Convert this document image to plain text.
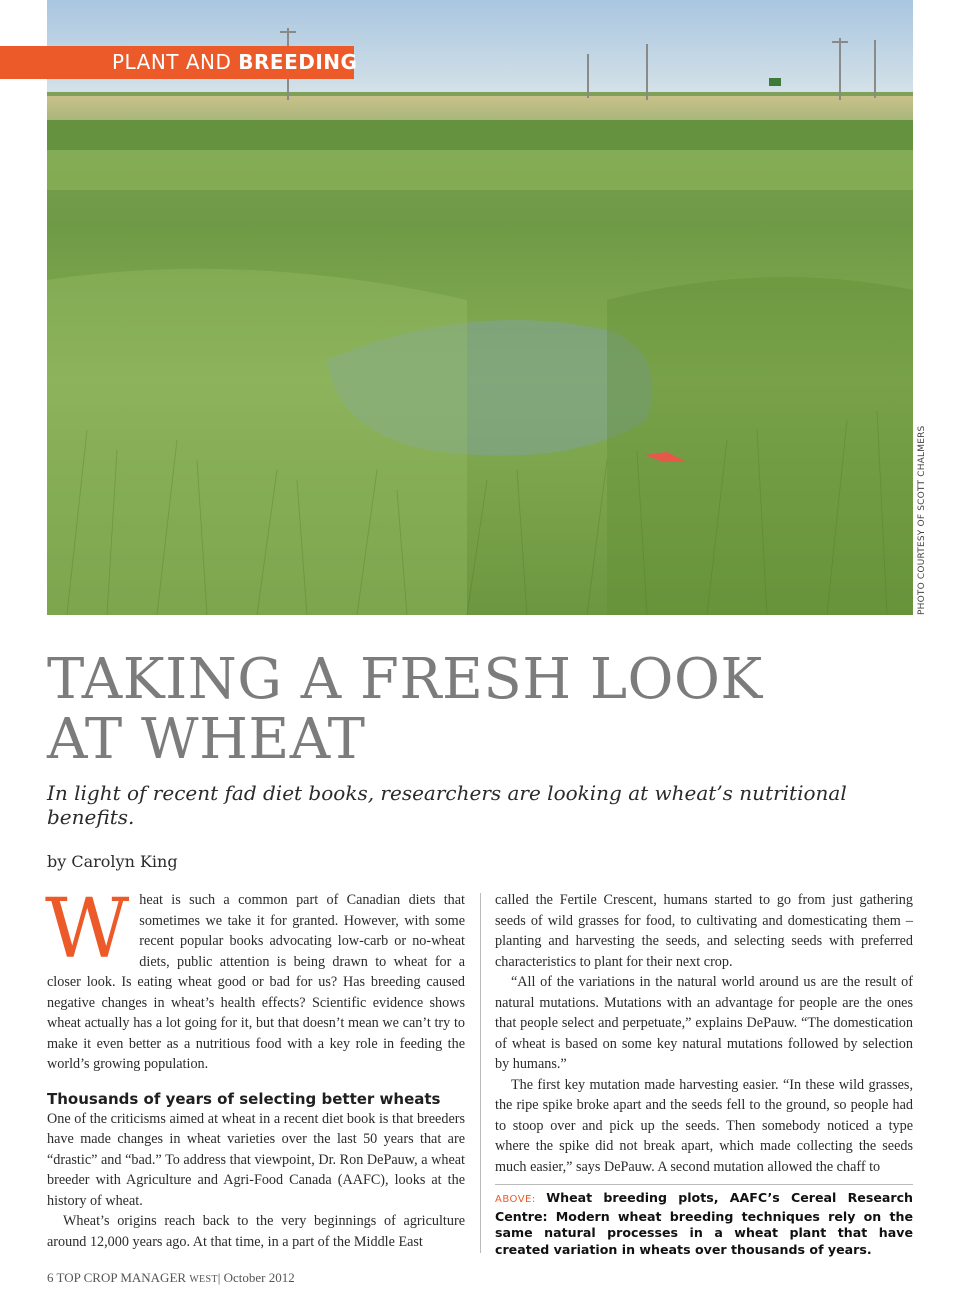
PLANT AND BREEDING
PHOTO COURTESY OF SCOTT CHALMERS
TAKING A FRESH LOOK
AT WHEAT

In light of recent fad diet books, researchers are looking at wheat’s nutritional benefits.

by Carolyn King

Wheat is such a common part of Canadian diets that sometimes we take it for granted. However, with some recent popular books advocating low-carb or no-wheat diets, public attention is being drawn to wheat for a closer look. Is eating wheat good or bad for us? Has breeding caused negative changes in wheat’s health effects? Scientific evidence shows wheat actually has a lot going for it, but that doesn’t mean we can’t try to make it even better as a nutritious food with a key role in feeding the world’s growing population.

Thousands of years of selecting better wheats

One of the criticisms aimed at wheat in a recent diet book is that breeders have made changes in wheat varieties over the last 50 years that are “drastic” and “bad.” To address that viewpoint, Dr. Ron DePauw, a wheat breeder with Agriculture and Agri-Food Canada (AAFC), looks at the history of wheat.

Wheat’s origins reach back to the very beginnings of agriculture around 12,000 years ago. At that time, in a part of the Middle East

called the Fertile Crescent, humans started to go from just gathering seeds of wild grasses for food, to cultivating and domesticating them – planting and harvesting the seeds, and selecting seeds with preferred characteristics to plant for their next crop.

“All of the variations in the natural world around us are the result of natural mutations. Mutations with an advantage for people are the ones that people select and perpetuate,” explains DePauw. “The domestication of wheat is based on some key natural mutations followed by selection by humans.”

The first key mutation made harvesting easier. “In these wild grasses, the ripe spike broke apart and the seeds fell to the ground, so people had to stoop over and pick up the seeds. Then somebody noticed a type where the spike did not break apart, which made collecting the seeds much easier,” says DePauw. A second mutation allowed the chaff to

ABOVE: Wheat breeding plots, AAFC’s Cereal Research Centre: Modern wheat breeding techniques rely on the same natural processes in a wheat plant that have created variation in wheats over thousands of years.

6 TOP CROP MANAGER WEST| October 2012
